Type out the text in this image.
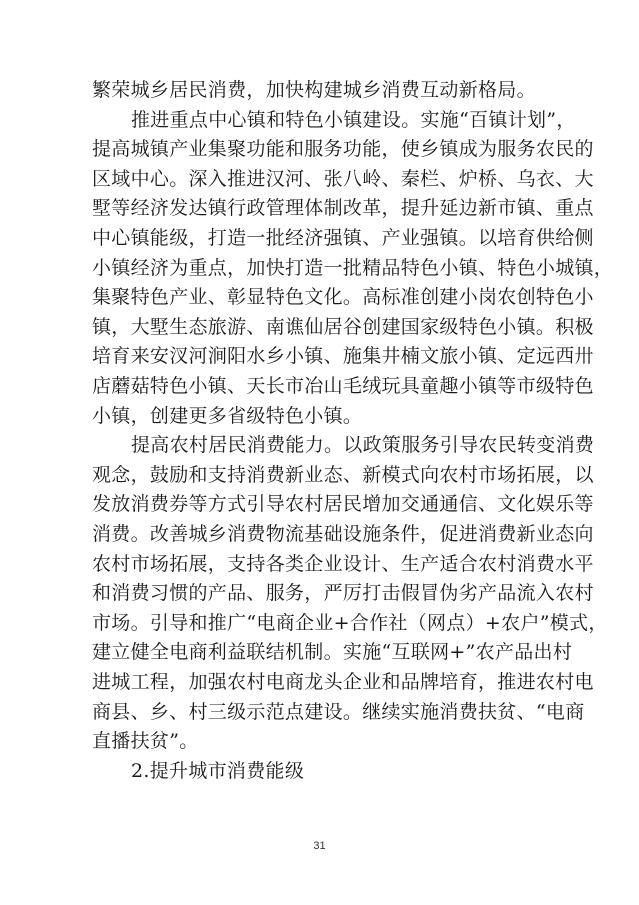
繁荣城乡居民消费，加快构建城乡消费互动新格局。
推进重点中心镇和特色小镇建设。实施“百镇计划”，
提高城镇产业集聚功能和服务功能，使乡镇成为服务农民的
区域中心。深入推进汉河、张八岭、秦栏、炉桥、乌衣、大
墅等经济发达镇行政管理体制改革，提升延边新市镇、重点
中心镇能级，打造一批经济强镇、产业强镇。以培育供给侧
小镇经济为重点，加快打造一批精品特色小镇、特色小城镇，
集聚特色产业、彰显特色文化。高标准创建小岗农创特色小
镇，大墅生态旅游、南谯仙居谷创建国家级特色小镇。积极
培育来安汊河涧阳水乡小镇、施集井楠文旅小镇、定远西卅
店蘑菇特色小镇、天长市冶山毛绒玩具童趣小镇等市级特色
小镇，创建更多省级特色小镇。
提高农村居民消费能力。以政策服务引导农民转变消费
观念，鼓励和支持消费新业态、新模式向农村市场拓展，以
发放消费券等方式引导农村居民增加交通通信、文化娱乐等
消费。改善城乡消费物流基础设施条件，促进消费新业态向
农村市场拓展，支持各类企业设计、生产适合农村消费水平
和消费习惯的产品、服务，严厉打击假冒伪劣产品流入农村
市场。引导和推广“电商企业+合作社（网点）+农户”模式，
建立健全电商利益联结机制。实施“互联网+”农产品出村
进城工程，加强农村电商龙头企业和品牌培育，推进农村电
商县、乡、村三级示范点建设。继续实施消费扶贫、“电商
直播扶贫”。
2.提升城市消费能级
31
